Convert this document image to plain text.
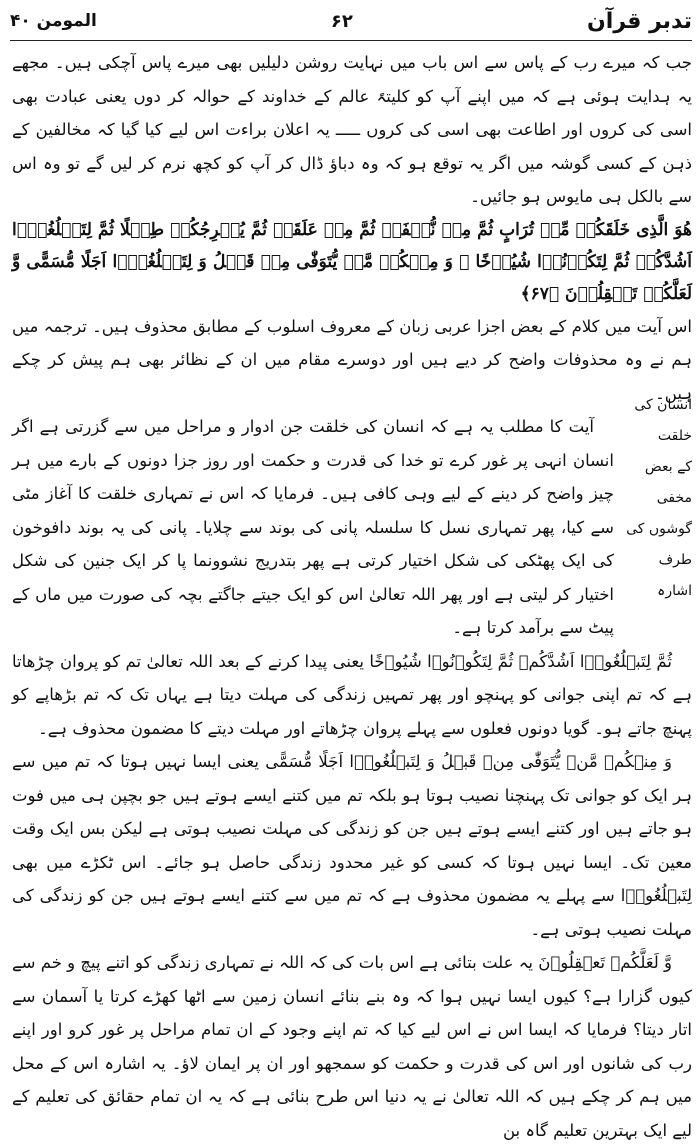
تدبر قرآن
۶۲
المومن ۴۰

جب کہ میرے رب کے پاس سے اس باب میں نہایت روشن دلیلیں بھی میرے پاس آچکی ہیں۔ مجھے یہ ہدایت ہوئی ہے کہ میں اپنے آپ کو کلیتہً عالم کے خداوند کے حوالہ کر دوں یعنی عبادت بھی اسی کی کروں اور اطاعت بھی اسی کی کروں ـــــ یہ اعلان براءت اس لیے کیا گیا کہ مخالفین کے ذہن کے کسی گوشہ میں اگر یہ توقع ہو کہ وہ دباؤ ڈال کر آپ کو کچھ نرم کر لیں گے تو وہ اس سے بالکل ہی مایوس ہو جائیں۔

ھُوَ الَّذِی خَلَقَکُمۡ مِّنۡ تُرَابٍ ثُمَّ مِنۡ نُّطۡفَۃٍ ثُمَّ مِنۡ عَلَقَۃٍ ثُمَّ یُخۡرِجُکُمۡ طِفۡلًا ثُمَّ لِتَبۡلُغُوۡۤا اَشُدَّکُمۡ ثُمَّ لِتَکُوۡنُوۡا شُیُوۡخًا ۚ وَ مِنۡکُمۡ مَّنۡ یُّتَوَفّٰی مِنۡ قَبۡلُ وَ لِتَبۡلُغُوۡۤا اَجَلًا مُّسَمًّی وَّ لَعَلَّکُمۡ تَعۡقِلُوۡنَ ﴿۶۷﴾

اس آیت میں کلام کے بعض اجزا عربی زبان کے معروف اسلوب کے مطابق محذوف ہیں۔ ترجمہ میں ہم نے وہ محذوفات واضح کر دیے ہیں اور دوسرے مقام میں ان کے نظائر بھی ہم پیش کر چکے ہیں۔

آیت کا مطلب یہ ہے کہ انسان کی خلقت جن ادوار و مراحل میں سے گزرتی ہے اگر انسان انہی پر غور کرے تو خدا کی قدرت و حکمت اور روز جزا دونوں کے بارے میں ہر چیز واضح کر دینے کے لیے وہی کافی ہیں۔ فرمایا کہ اس نے تمہاری خلقت کا آغاز مٹی سے کیا، پھر تمہاری نسل کا سلسلہ پانی کی بوند سے چلایا۔ پانی کی یہ بوند دافوخون کی ایک پھٹکی کی شکل اختیار کرتی ہے پھر بتدریج نشوونما پا کر ایک جنین کی شکل اختیار کر لیتی ہے اور پھر اللہ تعالیٰ اس کو ایک جیتے جاگتے بچہ کی صورت میں ماں کے پیٹ سے برآمد کرتا ہے۔

ثُمَّ لِتَبۡلُغُوۡۤا اَشُدَّکُمۡ ثُمَّ لِتَکُوۡنُوۡا شُیُوۡخًا یعنی پیدا کرنے کے بعد اللہ تعالیٰ تم کو پروان چڑھاتا ہے کہ تم اپنی جوانی کو پہنچو اور پھر تمہیں زندگی کی مہلت دیتا ہے یہاں تک کہ تم بڑھاپے کو پہنچ جاتے ہو۔ گویا دونوں فعلوں سے پہلے پروان چڑھاتے اور مہلت دیتے کا مضمون محذوف ہے۔

وَ مِنۡکُمۡ مَّنۡ یُّتَوَفّٰی مِنۡ قَبۡلُ وَ لِتَبۡلُغُوۡۤا اَجَلًا مُّسَمًّی یعنی ایسا نہیں ہوتا کہ تم میں سے ہر ایک کو جوانی تک پہنچنا نصیب ہوتا ہو بلکہ تم میں کتنے ایسے ہوتے ہیں جو بچپن ہی میں فوت ہو جاتے ہیں اور کتنے ایسے ہوتے ہیں جن کو زندگی کی مہلت نصیب ہوتی ہے لیکن بس ایک وقت معین تک۔ ایسا نہیں ہوتا کہ کسی کو غیر محدود زندگی حاصل ہو جائے۔ اس ٹکڑے میں بھی لِتَبۡلُغُوۡۤا سے پہلے یہ مضمون محذوف ہے کہ تم میں سے کتنے ایسے ہوتے ہیں جن کو زندگی کی مہلت نصیب ہوتی ہے۔

وَّ لَعَلَّکُمۡ تَعۡقِلُوۡنَ یہ علت بتائی ہے اس بات کی کہ اللہ نے تمہاری زندگی کو اتنے پیچ و خم سے کیوں گزارا ہے؟ کیوں ایسا نہیں ہوا کہ وہ بنے بنائے انسان زمین سے اٹھا کھڑے کرتا یا آسمان سے اتار دیتا؟ فرمایا کہ ایسا اس نے اس لیے کیا کہ تم اپنے وجود کے ان تمام مراحل پر غور کرو اور اپنے رب کی شانوں اور اس کی قدرت و حکمت کو سمجھو اور ان پر ایمان لاؤ۔ یہ اشارہ اس کے محل میں ہم کر چکے ہیں کہ اللہ تعالیٰ نے یہ دنیا اس طرح بنائی ہے کہ یہ ان تمام حقائق کی تعلیم کے لیے ایک بہترین تعلیم گاہ بن

انسان کی خلقت
کے بعض مخفی
گوشوں کی طرف
اشارہ
